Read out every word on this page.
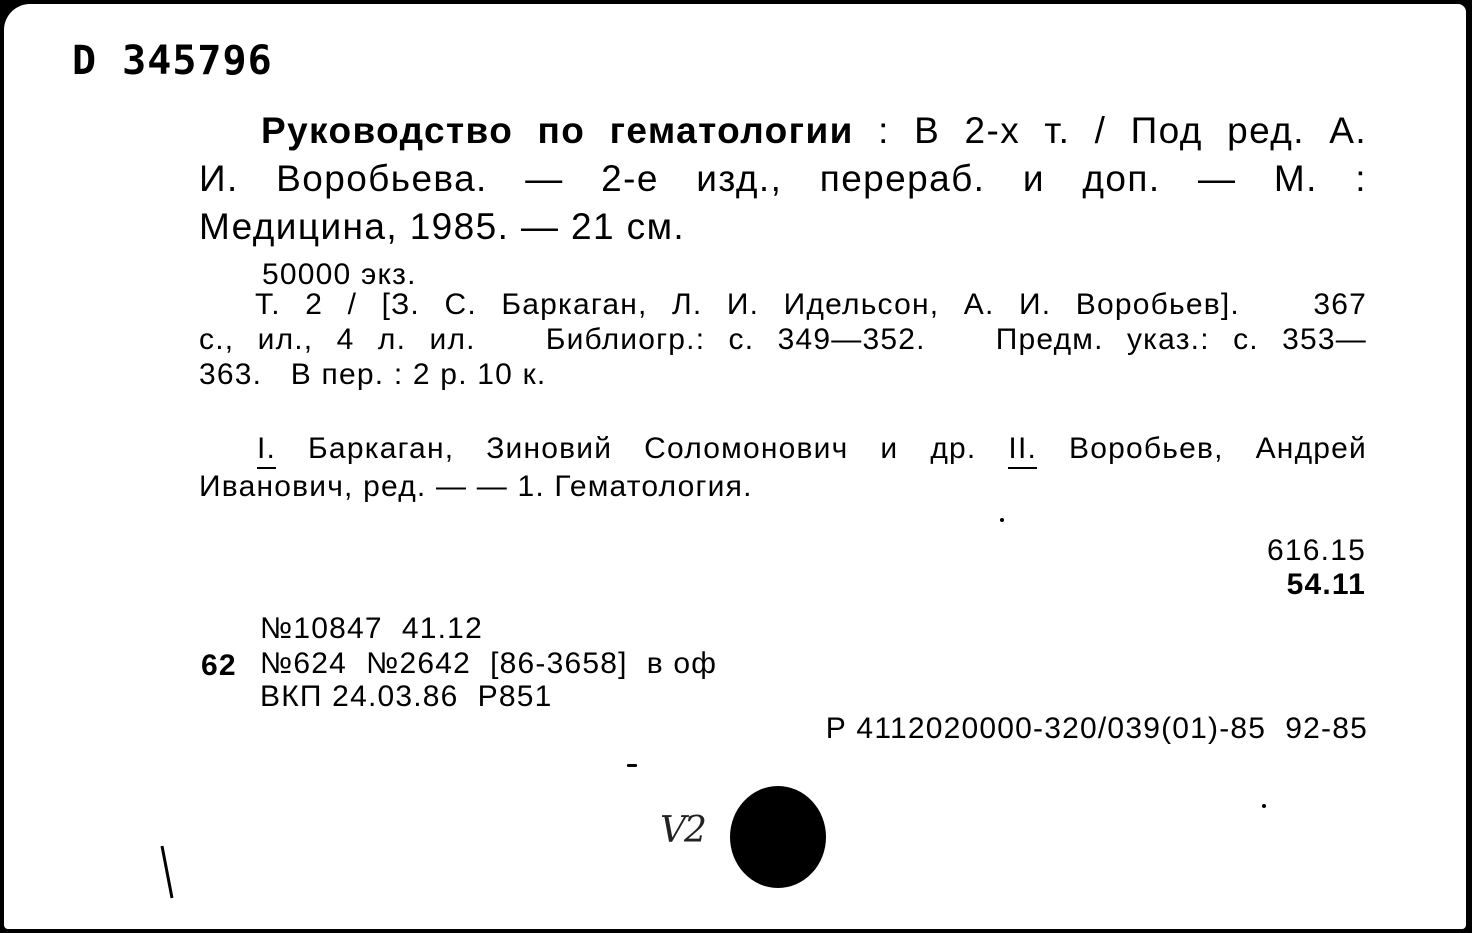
D 345796
Руководство по гематологии : В 2-х т. / Под ред. А.
И. Воробьева. — 2-е изд., перераб. и доп. — М. :
Медицина, 1985. — 21 см.
50000 экз.
Т. 2 / [З. С. Баркаган, Л. И. Идельсон, А. И. Воробьев].   367
с., ил., 4 л. ил.   Библиогр.: с. 349—352.   Предм. указ.: с. 353—
363.   В пер. : 2 р. 10 к.
I. Баркаган, Зиновий Соломонович и др. II. Воробьев, Андрей
Иванович, ред. — — 1. Гематология.
616.15
54.11
№10847  41.12
62 №624  №2642  [86-3658]  в оф
ВКП 24.03.86  Р851
Р 4112020000-320/039(01)-85  92-85
V2
